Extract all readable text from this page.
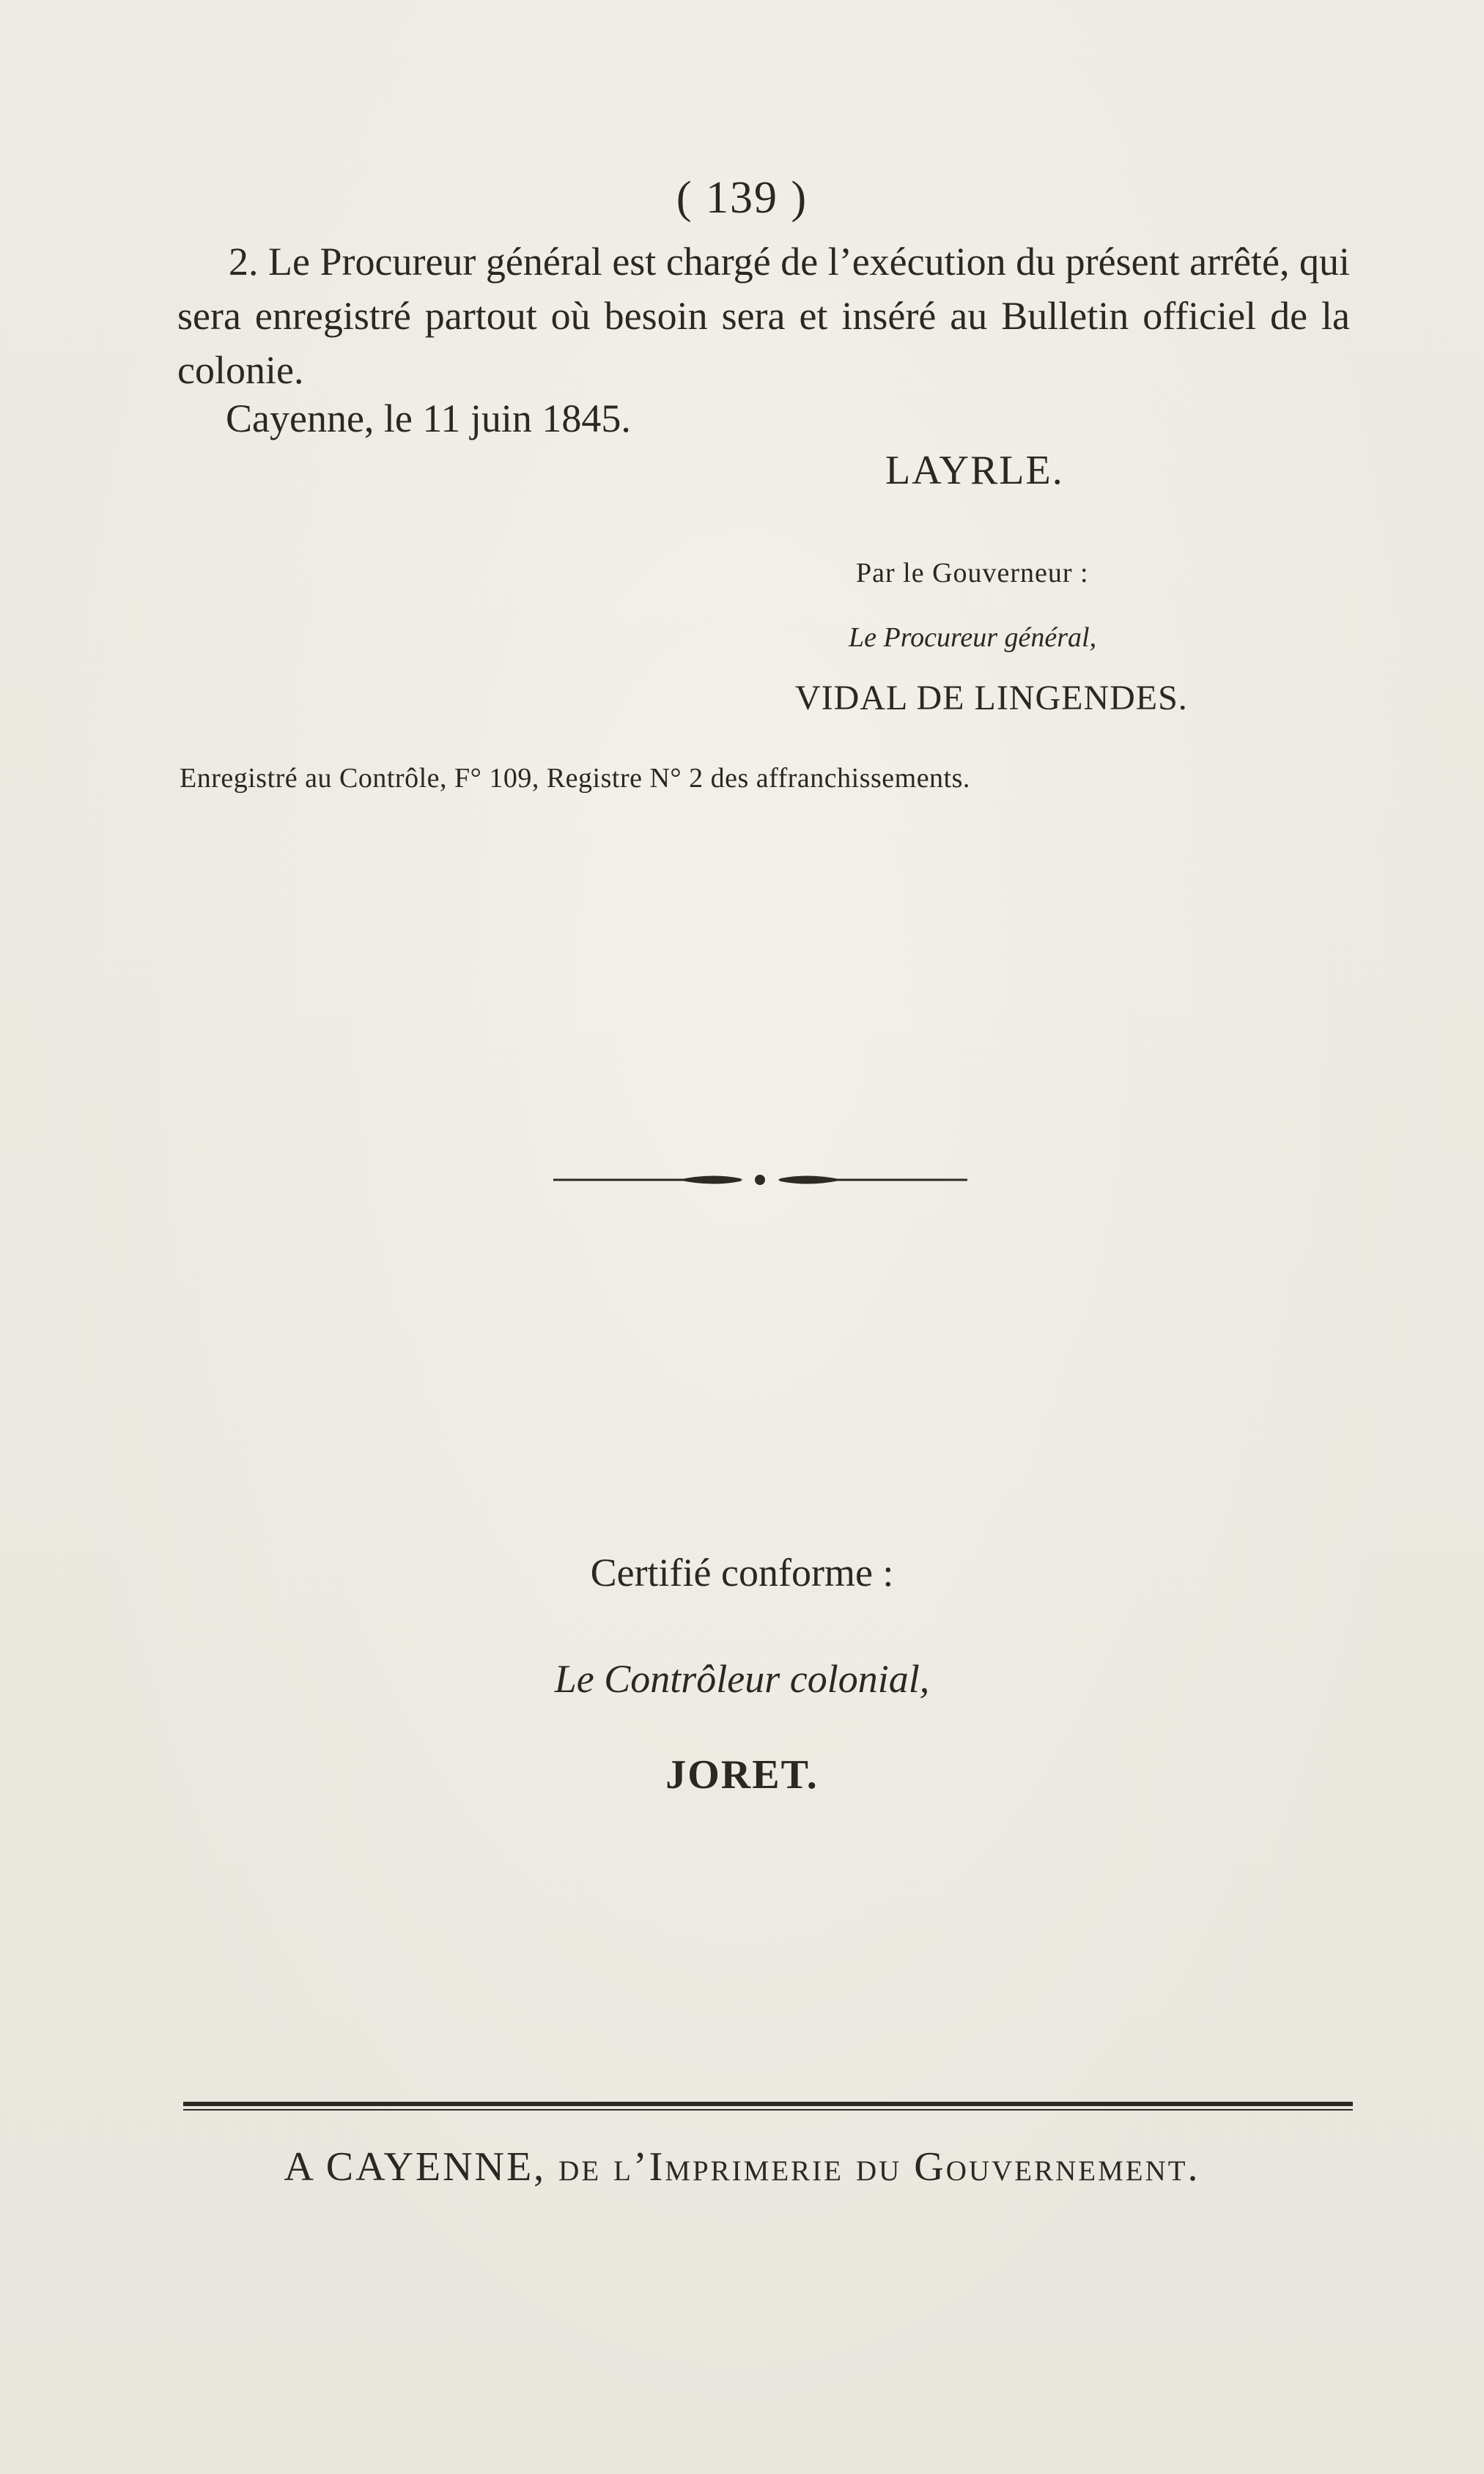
( 139 )
2. Le Procureur général est chargé de l’exécution du présent arrêté, qui sera enregistré partout où besoin sera et inséré au Bulletin officiel de la colonie.
Cayenne, le 11 juin 1845.
LAYRLE.
Par le Gouverneur :
Le Procureur général,
VIDAL DE LINGENDES.
Enregistré au Contrôle, F° 109, Registre N° 2 des affranchissements.
Certifié conforme :
Le Contrôleur colonial,
JORET.
A CAYENNE, de l’Imprimerie du Gouvernement.
